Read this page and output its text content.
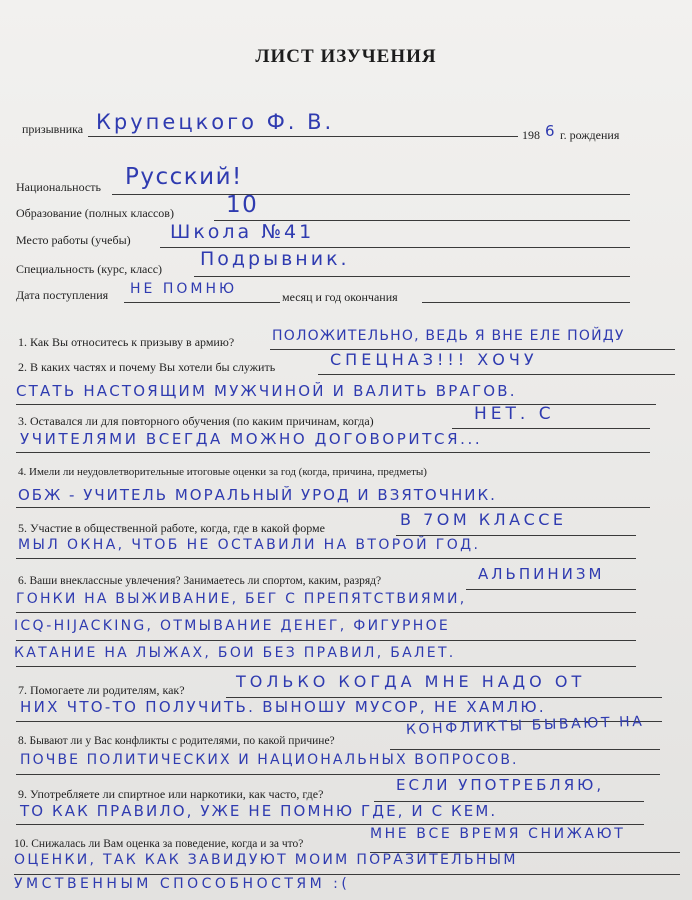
ЛИСТ ИЗУЧЕНИЯ
призывника Крупецкого Ф. В.
198 6 г. рождения
Национальность Русский!
Образование (полных классов) 10
Место работы (учебы) Школа №41
Специальность (курс, класс) Подрывник.
Дата поступления НЕ ПОМНЮ	месяц и год окончания
1. Как Вы относитесь к призыву в армию?	ПОЛОЖИТЕЛЬНО, ВЕДЬ Я ВНЕ ЕЛЕ ПОЙДУ
2. В каких частях и почему Вы хотели бы служить	СПЕЦНАЗ!!! ХОЧУ
СТАТЬ НАСТОЯЩИМ МУЖЧИНОЙ И ВАЛИТЬ ВРАГОВ.
3. Оставался ли для повторного обучения (по каким причинам, когда)	НЕТ. С
УЧИТЕЛЯМИ ВСЕГДА МОЖНО ДОГОВОРИТСЯ...
4. Имели ли неудовлетворительные итоговые оценки за год (когда, причина, предметы)
ОБЖ - УЧИТЕЛЬ МОРАЛЬНЫЙ УРОД И ВЗЯТОЧНИК.
5. Участие в общественной работе, когда, где в какой форме	В 7ОМ КЛАССЕ
МЫЛ ОКНА, ЧТОБ НЕ ОСТАВИЛИ НА ВТОРОЙ ГОД.
6. Ваши внеклассные увлечения? Занимаетесь ли спортом, каким, разряд?	АЛЬПИНИЗМ
ГОНКИ НА ВЫЖИВАНИЕ, БЕГ С ПРЕПЯТСТВИЯМИ,
ICQ-HIJACKING, ОТМЫВАНИЕ ДЕНЕГ, ФИГУРНОЕ
КАТАНИЕ НА ЛЫЖАХ, БОИ БЕЗ ПРАВИЛ, БАЛЕТ.
7. Помогаете ли родителям, как?	ТОЛЬКО КОГДА МНЕ НАДО ОТ
НИХ ЧТО-ТО ПОЛУЧИТЬ. ВЫНОШУ МУСОР, НЕ ХАМЛЮ.
8. Бывают ли у Вас конфликты с родителями, по какой причине?
КОНФЛИКТЫ БЫВАЮТ НА
ПОЧВЕ ПОЛИТИЧЕСКИХ И НАЦИОНАЛЬНЫХ ВОПРОСОВ.
9. Употребляете ли спиртное или наркотики, как часто, где?	ЕСЛИ УПОТРЕБЛЯЮ,
ТО КАК ПРАВИЛО, УЖЕ НЕ ПОМНЮ ГДЕ, И С КЕМ.
10. Снижалась ли Вам оценка за поведение, когда и за что?
МНЕ ВСЕ ВРЕМЯ СНИЖАЮТ
ОЦЕНКИ, ТАК КАК ЗАВИДУЮТ МОИМ ПОРАЗИТЕЛЬНЫМ
УМСТВЕННЫМ СПОСОБНОСТЯМ :(
